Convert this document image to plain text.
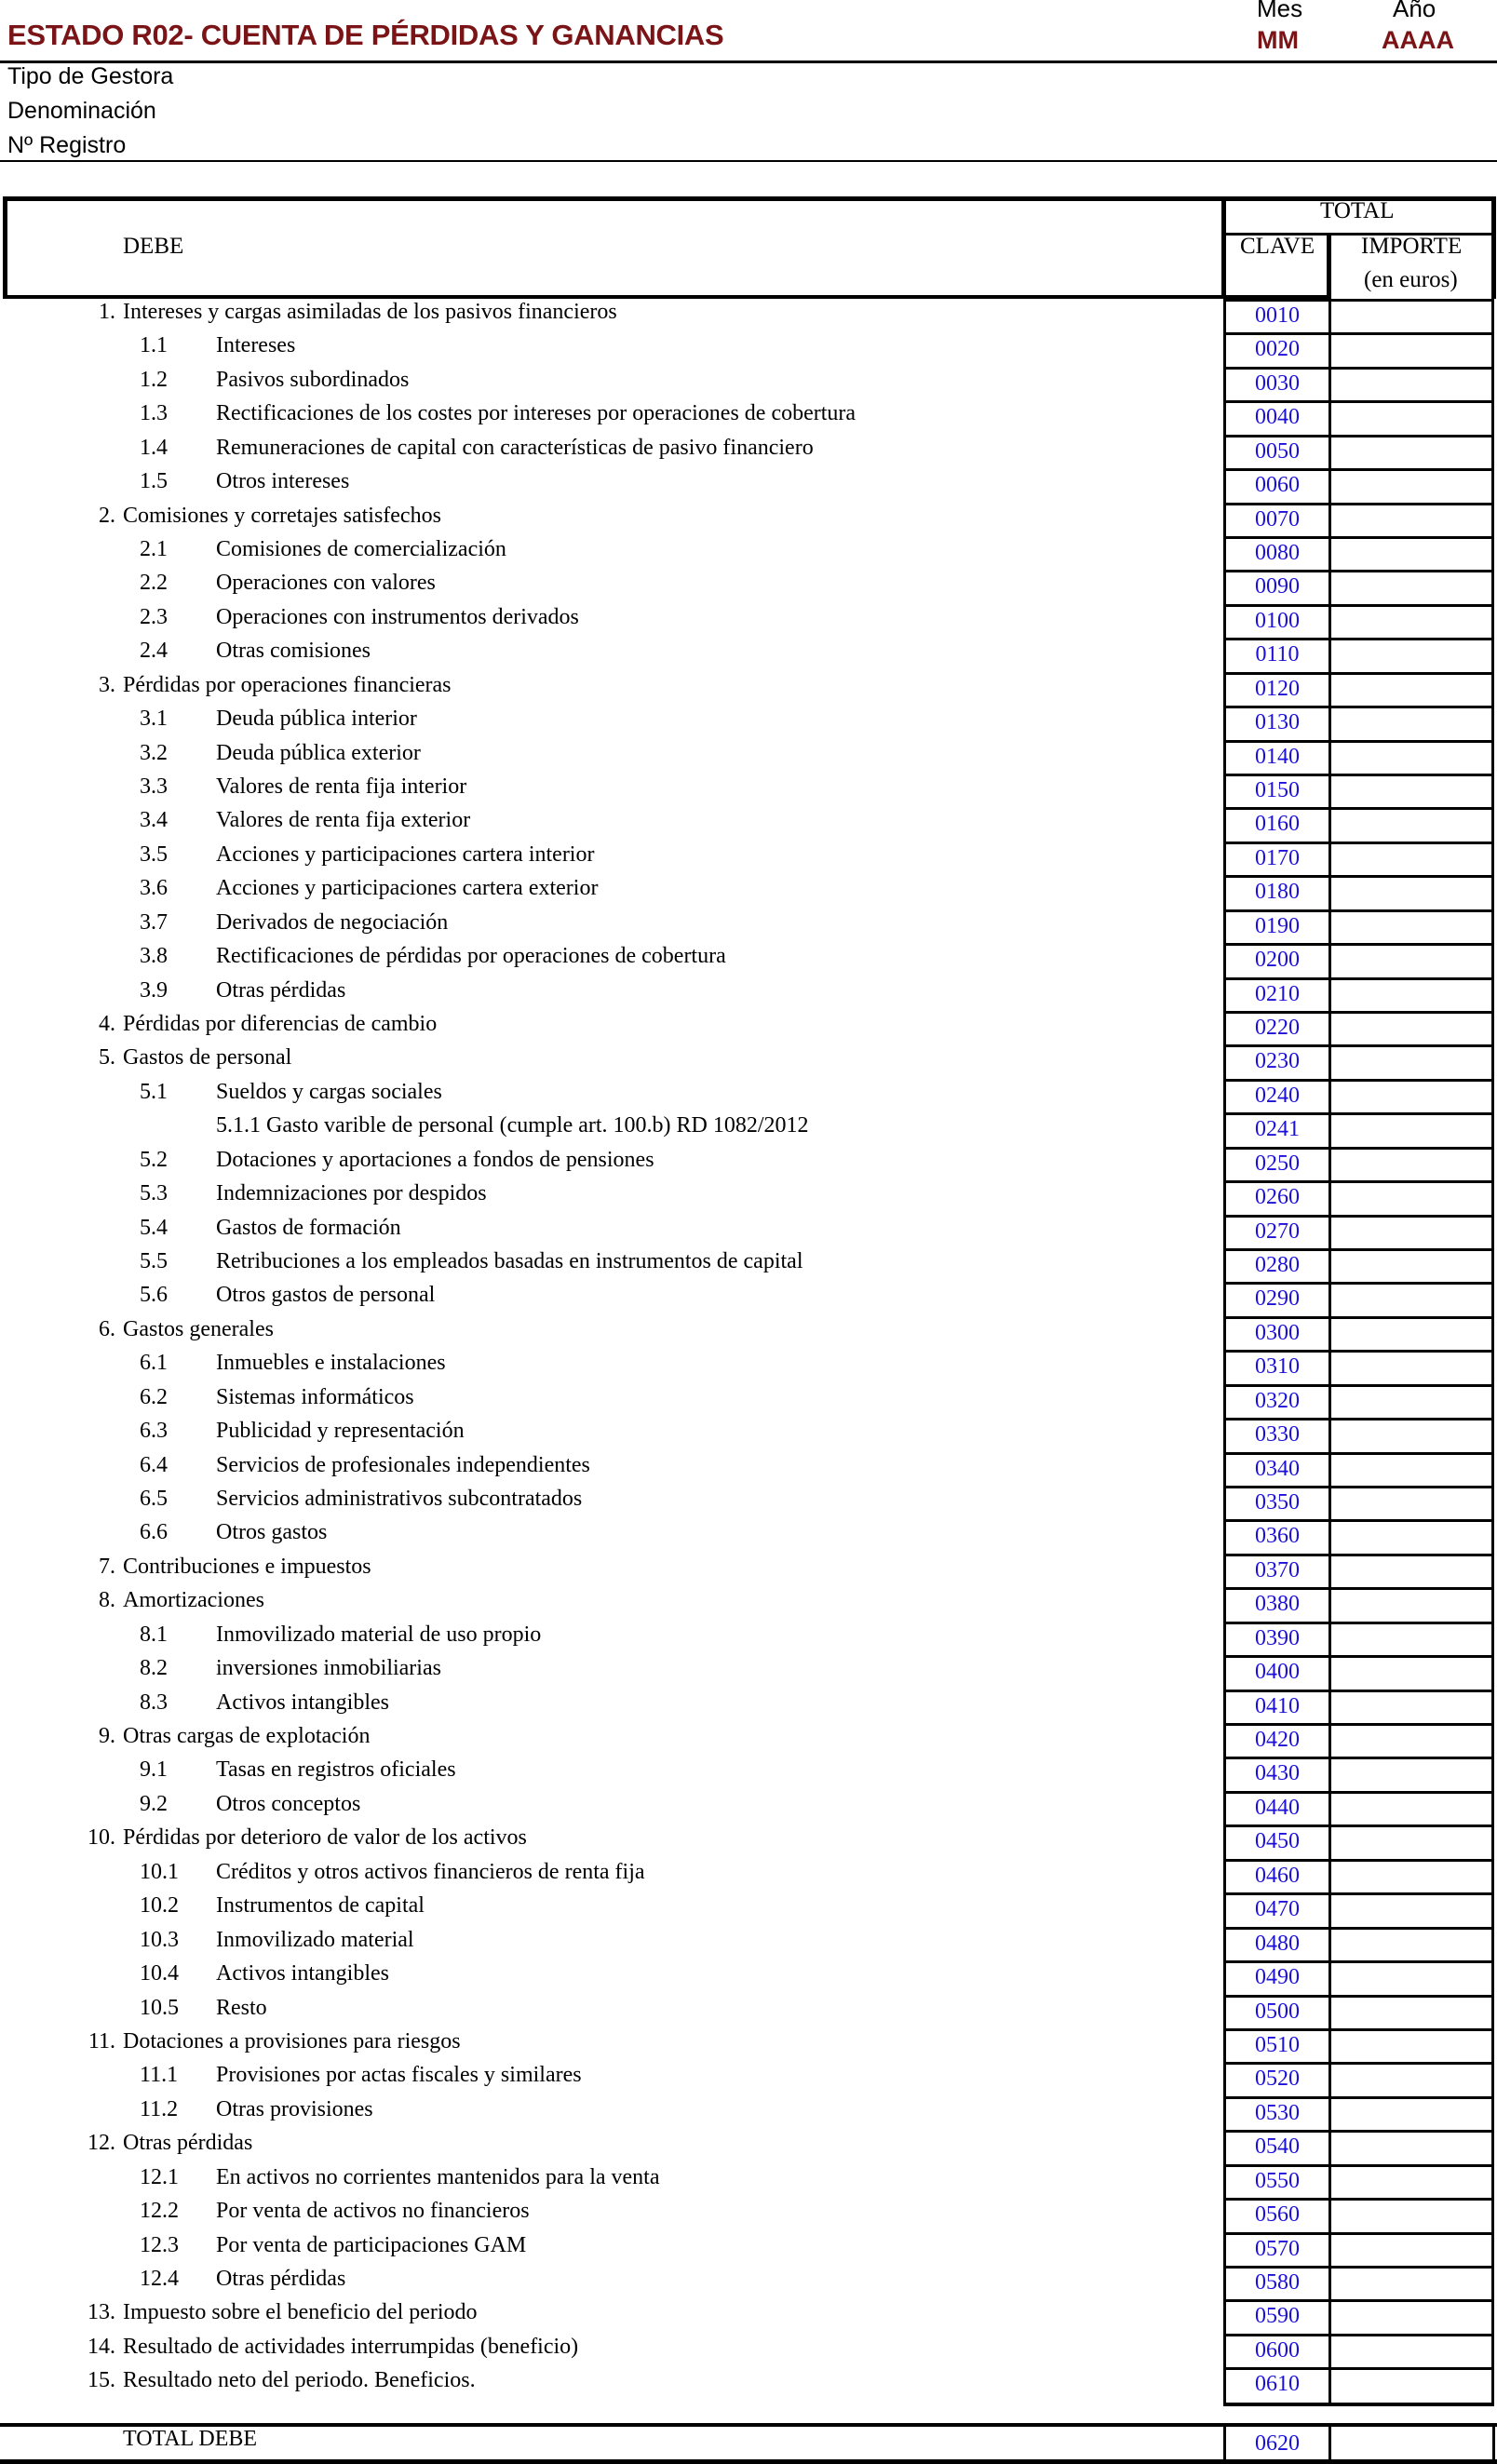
ESTADO R02- CUENTA DE PÉRDIDAS Y GANANCIAS
Mes	Año
MM	AAAA
Tipo de Gestora
Denominación
Nº Registro
DEBE
TOTAL
CLAVE IMPORTE
(en euros)
1. Intereses y cargas asimiladas de los pasivos financieros	0010
1.1 Intereses	0020
1.2 Pasivos subordinados	0030
1.3 Rectificaciones de los costes por intereses por operaciones de cobertura	0040
1.4 Remuneraciones de capital con características de pasivo financiero	0050
1.5 Otros intereses	0060
2. Comisiones y corretajes satisfechos	0070
2.1 Comisiones de comercialización	0080
2.2 Operaciones con valores	0090
2.3 Operaciones con instrumentos derivados	0100
2.4 Otras comisiones	0110
3. Pérdidas por operaciones financieras	0120
3.1 Deuda pública interior	0130
3.2 Deuda pública exterior	0140
3.3 Valores de renta fija interior	0150
3.4 Valores de renta fija exterior	0160
3.5 Acciones y participaciones cartera interior	0170
3.6 Acciones y participaciones cartera exterior	0180
3.7 Derivados de negociación	0190
3.8 Rectificaciones de pérdidas por operaciones de cobertura	0200
3.9 Otras pérdidas	0210
4. Pérdidas por diferencias de cambio	0220
5. Gastos de personal	0230
5.1 Sueldos y cargas sociales	0240
5.1.1 Gasto varible de personal (cumple art. 100.b) RD 1082/2012	0241
5.2 Dotaciones y aportaciones a fondos de pensiones	0250
5.3 Indemnizaciones por despidos	0260
5.4 Gastos de formación	0270
5.5 Retribuciones a los empleados basadas en instrumentos de capital	0280
5.6 Otros gastos de personal	0290
6. Gastos generales	0300
6.1 Inmuebles e instalaciones	0310
6.2 Sistemas informáticos	0320
6.3 Publicidad y representación	0330
6.4 Servicios de profesionales independientes	0340
6.5 Servicios administrativos subcontratados	0350
6.6 Otros gastos	0360
7. Contribuciones e impuestos	0370
8. Amortizaciones	0380
8.1 Inmovilizado material de uso propio	0390
8.2 inversiones inmobiliarias	0400
8.3 Activos intangibles	0410
9. Otras cargas de explotación	0420
9.1 Tasas en registros oficiales	0430
9.2 Otros conceptos	0440
10. Pérdidas por deterioro de valor de los activos	0450
10.1 Créditos y otros activos financieros de renta fija	0460
10.2 Instrumentos de capital	0470
10.3 Inmovilizado material	0480
10.4 Activos intangibles	0490
10.5 Resto	0500
11. Dotaciones a provisiones para riesgos	0510
11.1 Provisiones por actas fiscales y similares	0520
11.2 Otras provisiones	0530
12. Otras pérdidas	0540
12.1 En activos no corrientes mantenidos para la venta	0550
12.2 Por venta de activos no financieros	0560
12.3 Por venta de participaciones GAM	0570
12.4 Otras pérdidas	0580
13. Impuesto sobre el beneficio del periodo	0590
14. Resultado de actividades interrumpidas (beneficio)	0600
15. Resultado neto del periodo. Beneficios.	0610
TOTAL DEBE	0620
